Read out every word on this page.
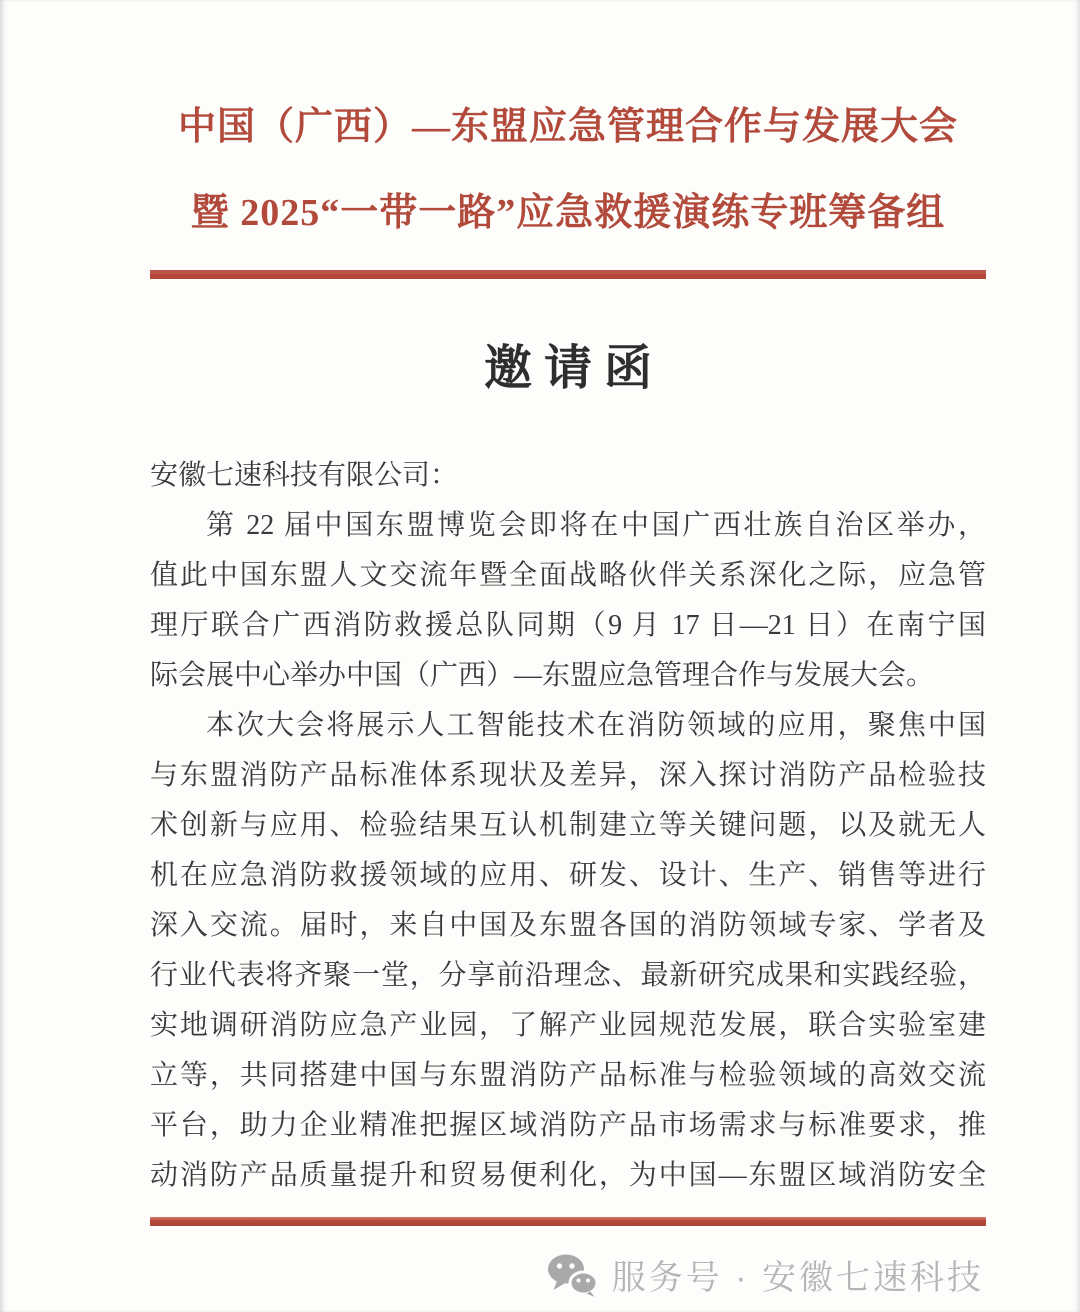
中国（广西）—东盟应急管理合作与发展大会
暨 2025“一带一路”应急救援演练专班筹备组
邀请函
安徽七速科技有限公司：
第 22 届中国东盟博览会即将在中国广西壮族自治区举办，
值此中国东盟人文交流年暨全面战略伙伴关系深化之际，应急管
理厅联合广西消防救援总队同期（9 月 17 日—21 日）在南宁国
际会展中心举办中国（广西）—东盟应急管理合作与发展大会。
本次大会将展示人工智能技术在消防领域的应用，聚焦中国
与东盟消防产品标准体系现状及差异，深入探讨消防产品检验技
术创新与应用、检验结果互认机制建立等关键问题，以及就无人
机在应急消防救援领域的应用、研发、设计、生产、销售等进行
深入交流。届时，来自中国及东盟各国的消防领域专家、学者及
行业代表将齐聚一堂，分享前沿理念、最新研究成果和实践经验，
实地调研消防应急产业园，了解产业园规范发展，联合实验室建
立等，共同搭建中国与东盟消防产品标准与检验领域的高效交流
平台，助力企业精准把握区域消防产品市场需求与标准要求，推
动消防产品质量提升和贸易便利化，为中国—东盟区域消防安全
服务号 · 安徽七速科技
